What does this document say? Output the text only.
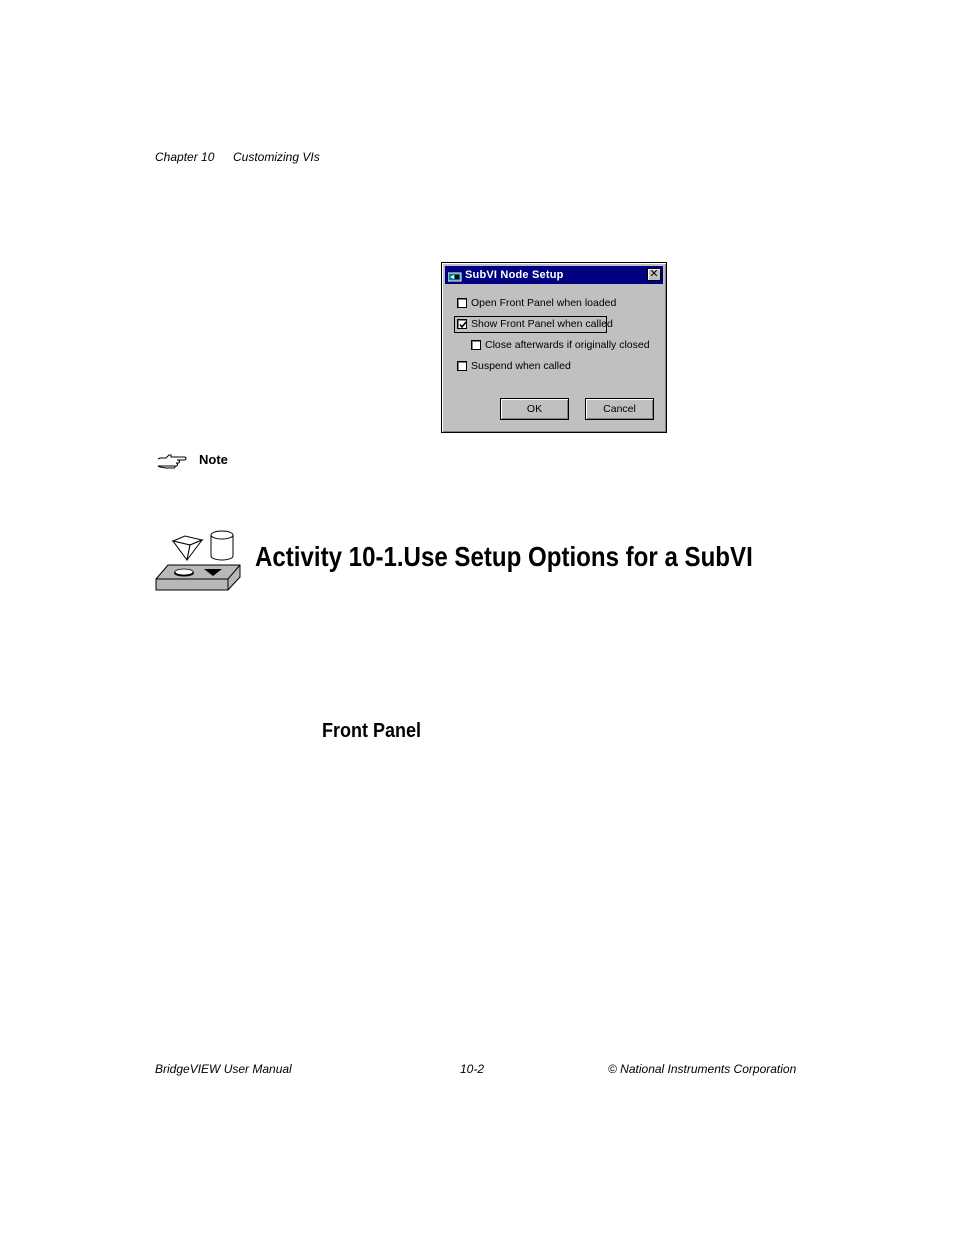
Chapter 10 Customizing VIs
SubVI Node Setup	✕
Open Front Panel when loaded
Show Front Panel when called
Close afterwards if originally closed
Suspend when called
OK	Cancel
Note
Activity 10-1.Use Setup Options for a SubVI
Front Panel
BridgeVIEW User Manual	10-2	© National Instruments Corporation
